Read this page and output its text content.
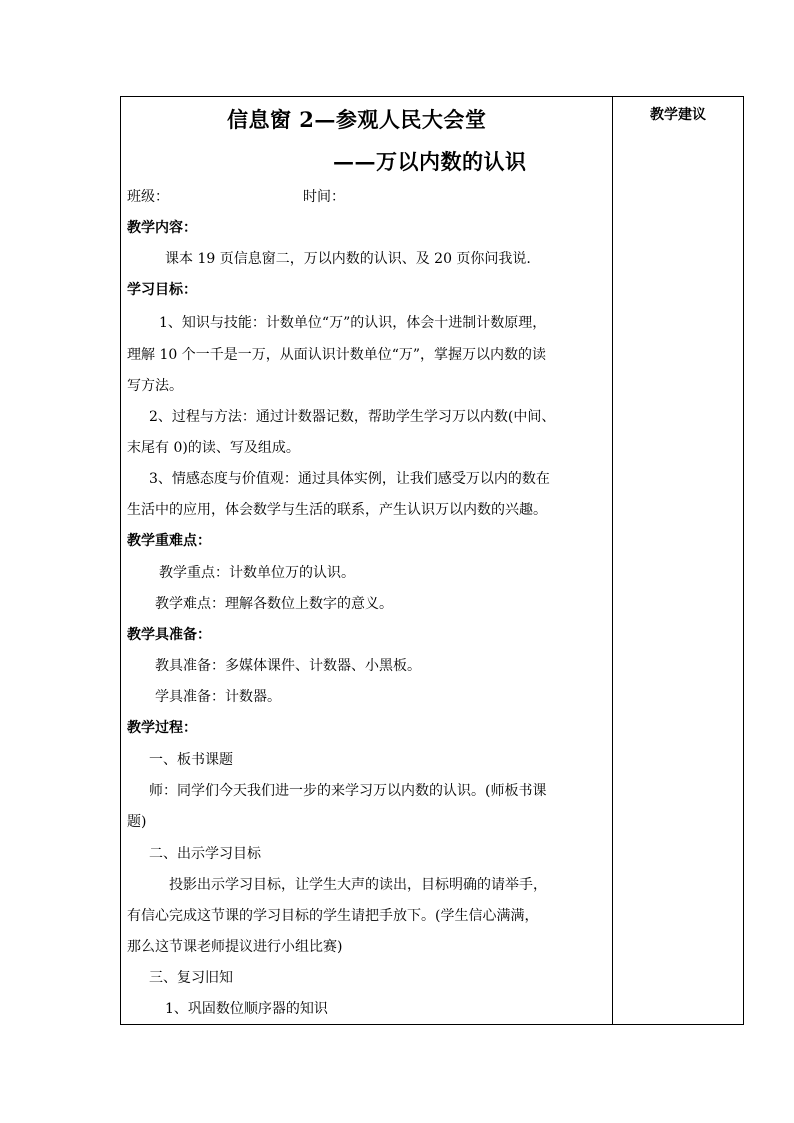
教学建议
信息窗 2—参观人民大会堂
——万以内数的认识
班级：	时间：
教学内容：
课本 19 页信息窗二，万以内数的认识、及 20 页你问我说.
学习目标：
1、知识与技能：计数单位“万”的认识，体会十进制计数原理，
理解 10 个一千是一万，从面认识计数单位“万”，掌握万以内数的读
写方法。
2、过程与方法：通过计数器记数，帮助学生学习万以内数(中间、
末尾有 0)的读、写及组成。
3、情感态度与价值观：通过具体实例，让我们感受万以内的数在
生活中的应用，体会数学与生活的联系，产生认识万以内数的兴趣。
教学重难点：
教学重点：计数单位万的认识。
教学难点：理解各数位上数字的意义。
教学具准备：
教具准备：多媒体课件、计数器、小黑板。
学具准备：计数器。
教学过程：
一、板书课题
师：同学们今天我们进一步的来学习万以内数的认识。(师板书课
题)
二、出示学习目标
投影出示学习目标，让学生大声的读出，目标明确的请举手，
有信心完成这节课的学习目标的学生请把手放下。(学生信心满满，
那么这节课老师提议进行小组比赛)
三、复习旧知
1、巩固数位顺序器的知识
